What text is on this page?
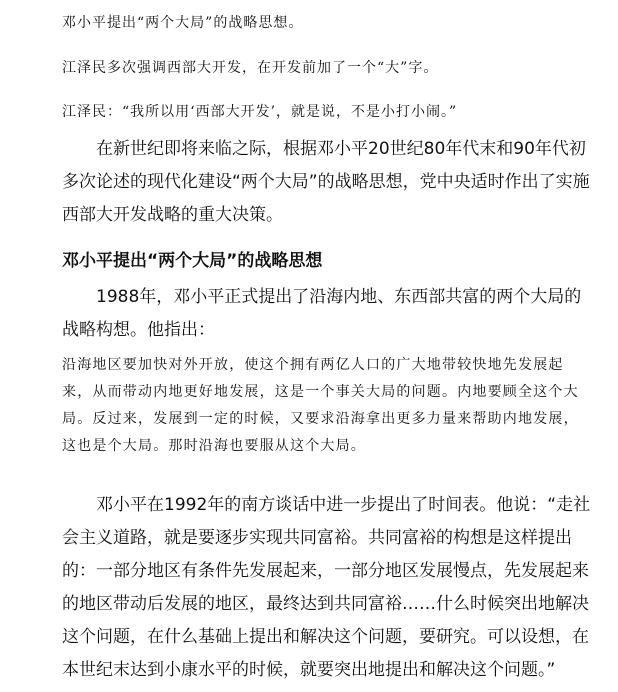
邓小平提出“两个大局”的战略思想。

江泽民多次强调西部大开发，在开发前加了一个“大”字。

江泽民：“我所以用‘西部大开发’，就是说，不是小打小闹。”

在新世纪即将来临之际，根据邓小平20世纪80年代末和90年代初多次论述的现代化建设“两个大局”的战略思想，党中央适时作出了实施西部大开发战略的重大决策。

邓小平提出“两个大局”的战略思想

1988年，邓小平正式提出了沿海内地、东西部共富的两个大局的战略构想。他指出：

沿海地区要加快对外开放，使这个拥有两亿人口的广大地带较快地先发展起来，从而带动内地更好地发展，这是一个事关大局的问题。内地要顾全这个大局。反过来，发展到一定的时候，又要求沿海拿出更多力量来帮助内地发展，这也是个大局。那时沿海也要服从这个大局。

邓小平在1992年的南方谈话中进一步提出了时间表。他说：“走社会主义道路，就是要逐步实现共同富裕。共同富裕的构想是这样提出的：一部分地区有条件先发展起来，一部分地区发展慢点，先发展起来的地区带动后发展的地区，最终达到共同富裕……什么时候突出地解决这个问题，在什么基础上提出和解决这个问题，要研究。可以设想，在本世纪末达到小康水平的时候，就要突出地提出和解决这个问题。”
